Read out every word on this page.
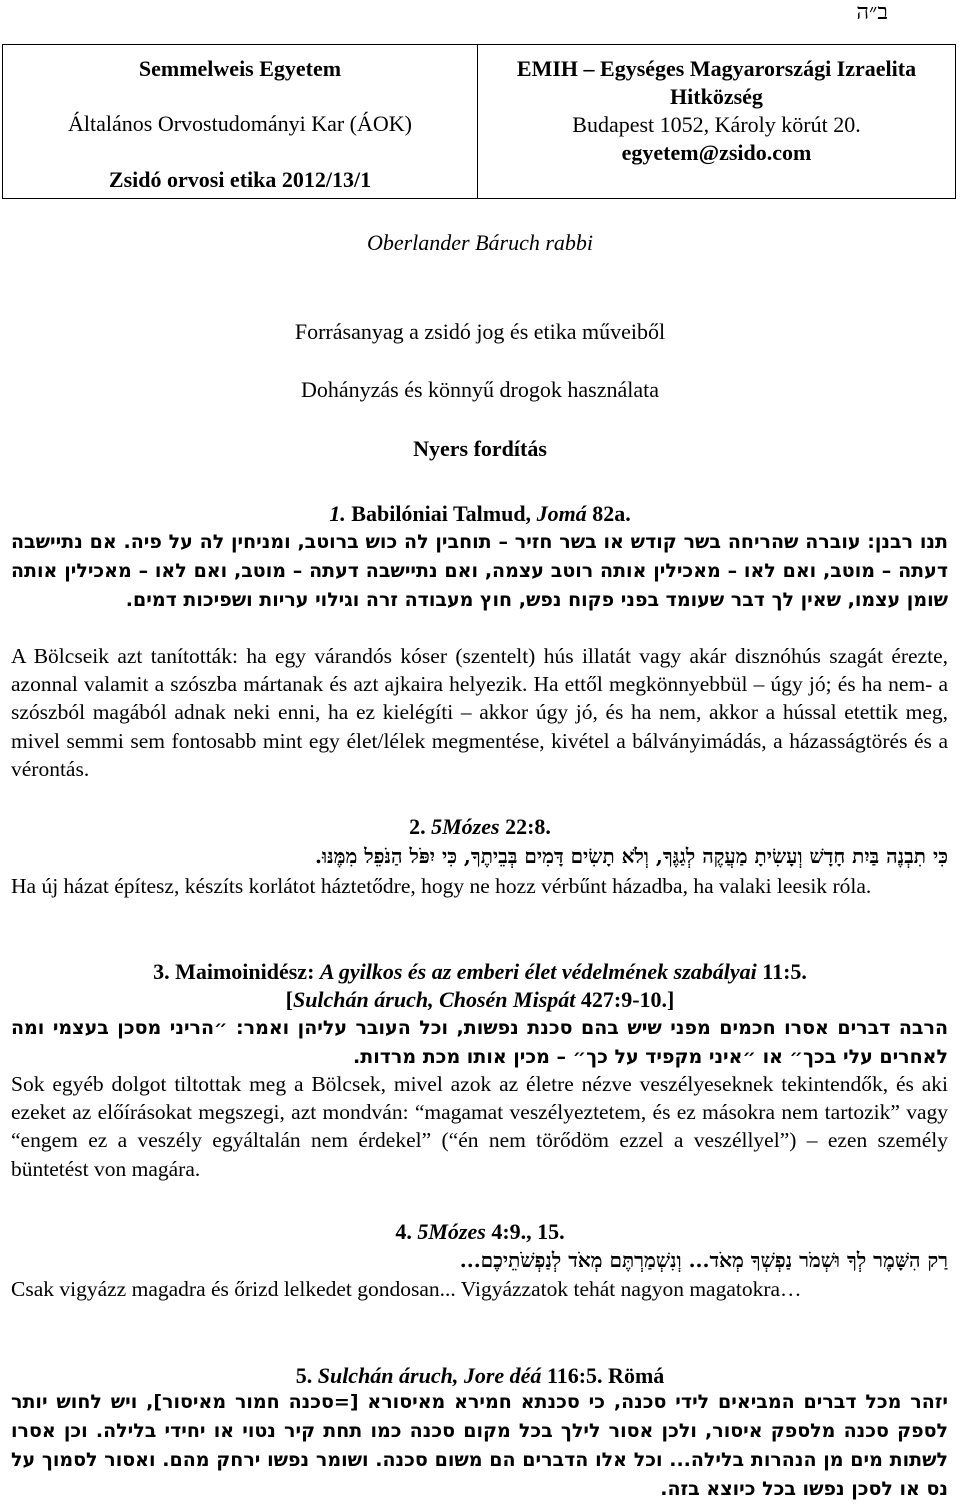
ב״ה
Semmelweis Egyetem
Általános Orvostudományi Kar (ÁOK)
Zsidó orvosi etika 2012/13/1

EMIH – Egységes Magyarországi Izraelita Hitközség
Budapest 1052, Károly körút 20.
egyetem@zsido.com
Oberlander Báruch rabbi
Forrásanyag a zsidó jog és etika műveiből
Dohányzás és könnyű drogok használata
Nyers fordítás
1. Babilóniai Talmud, Jomá 82a.
תנו רבנן: עוברה שהריחה בשר קודש או בשר חזיר – תוחבין לה כוש ברוטב, ומניחין לה על פיה. אם נתיישבה דעתה – מוטב, ואם לאו – מאכילין אותה רוטב עצמה, ואם נתיישבה דעתה – מוטב, ואם לאו – מאכילין אותה שומן עצמו, שאין לך דבר שעומד בפני פקוח נפש, חוץ מעבודה זרה וגילוי עריות ושפיכות דמים.
A Bölcseik azt tanították: ha egy várandós kóser (szentelt) hús illatát vagy akár disznóhús szagát érezte, azonnal valamit a szószba mártanak és azt ajkaira helyezik. Ha ettől megkönnyebbül – úgy jó; és ha nem- a szószból magából adnak neki enni, ha ez kielégíti – akkor úgy jó, és ha nem, akkor a hússal etettik meg, mivel semmi sem fontosabb mint egy élet/lélek megmentése, kivétel a bálványimádás, a házasságtörés és a vérontás.
2. 5Mózes 22:8.
כִּי תִבְנֶה בַּיִת חָדָשׁ וְעָשִׂיתָ מַעֲקֶה לְגַגֶּךָ, וְלֹא תָשִׂים דָּמִים בְּבֵיתֶךָ, כִּי יִפֹּל הַנֹּפֵל מִמֶּנּוּ.
Ha új házat építesz, készíts korlátot háztetődre, hogy ne hozz vérbűnt házadba, ha valaki leesik róla.
3. Maimoinidész: A gyilkos és az emberi élet védelmének szabályai 11:5.
[Sulchán áruch, Chosén Mispát 427:9-10.]
הרבה דברים אסרו חכמים מפני שיש בהם סכנת נפשות, וכל העובר עליהן ואמר: ״הריני מסכן בעצמי ומה לאחרים עלי בכך״ או ״איני מקפיד על כך״ – מכין אותו מכת מרדות.
Sok egyéb dolgot tiltottak meg a Bölcsek, mivel azok az életre nézve veszélyeseknek tekintendők, és aki ezeket az előírásokat megszegi, azt mondván: “magamat veszélyeztetem, és ez másokra nem tartozik” vagy “engem ez a veszély egyáltalán nem érdekel” (“én nem törődöm ezzel a veszéllyel”) – ezen személy büntetést von magára.
4. 5Mózes 4:9., 15.
רַק הִשָּׁמֶר לְךָ וּשְׁמֹר נַפְשְׁךָ מְאֹד... וְנִשְׁמַרְתֶּם מְאֹד לְנַפְשֹׁתֵיכֶם...
Csak vigyázz magadra és őrizd lelkedet gondosan... Vigyázzatok tehát nagyon magatokra…
5. Sulchán áruch, Jore déá 116:5. Römá
יזהר מכל דברים המביאים לידי סכנה, כי סכנתא חמירא מאיסורא [=סכנה חמור מאיסור], ויש לחוש יותר לספק סכנה מלספק איסור, ולכן אסור לילך בכל מקום סכנה כמו תחת קיר נטוי או יחידי בלילה. וכן אסרו לשתות מים מן הנהרות בלילה... וכל אלו הדברים הם משום סכנה. ושומר נפשו ירחק מהם. ואסור לסמוך על נס או לסכן נפשו בכל כיוצא בזה.
